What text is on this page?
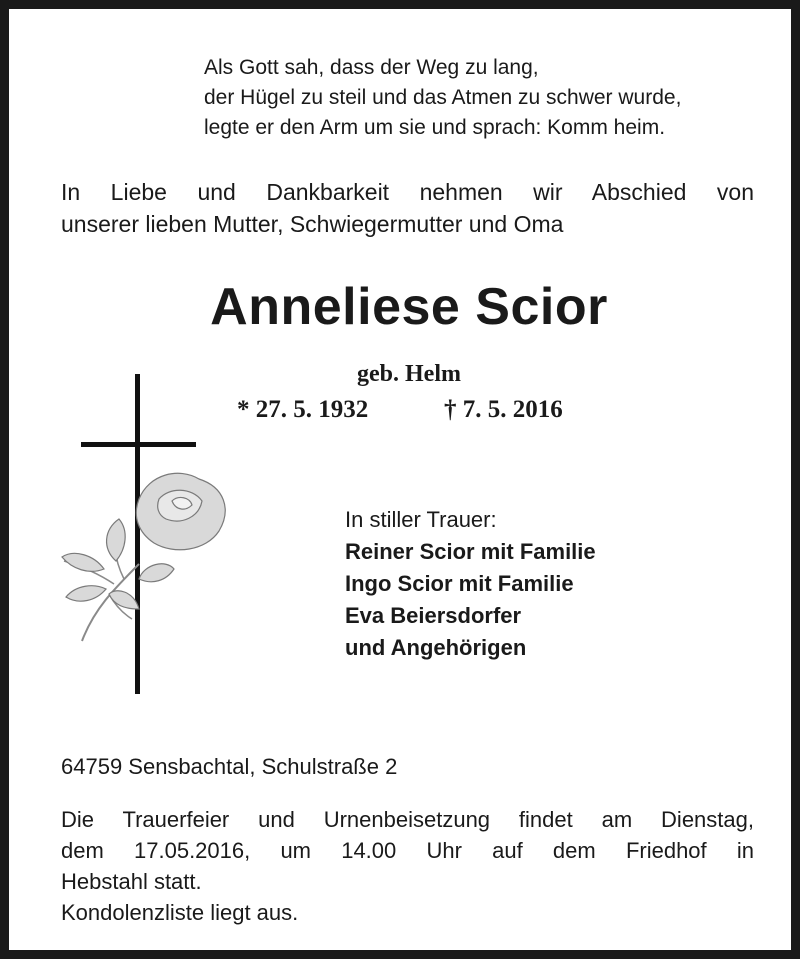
Als Gott sah, dass der Weg zu lang,
der Hügel zu steil und das Atmen zu schwer wurde,
legte er den Arm um sie und sprach: Komm heim.
In Liebe und Dankbarkeit nehmen wir Abschied von
unserer lieben Mutter, Schwiegermutter und Oma
Anneliese Scior
geb. Helm
* 27. 5. 1932	† 7. 5. 2016
In stiller Trauer:
Reiner Scior mit Familie
Ingo Scior mit Familie
Eva Beiersdorfer
und Angehörigen
64759 Sensbachtal, Schulstraße 2
Die Trauerfeier und Urnenbeisetzung findet am Dienstag,
dem 17.05.2016, um 14.00 Uhr auf dem Friedhof in
Hebstahl statt.
Kondolenzliste liegt aus.
